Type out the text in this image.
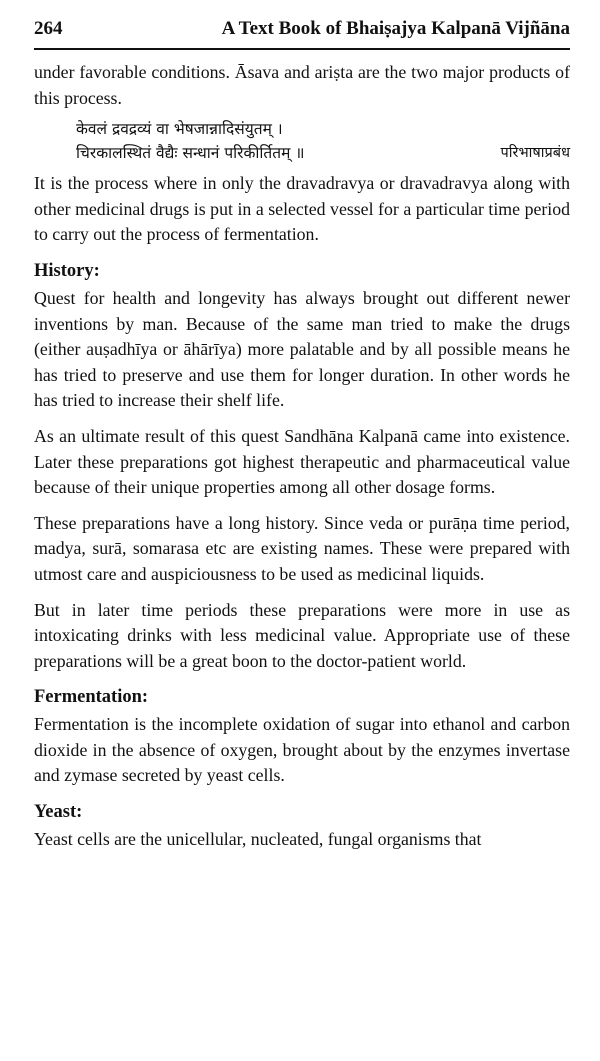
264	A Text Book of Bhaiṣajya Kalpanā Vijñāna

under favorable conditions. Āsava and ariṣta are the two major products of this process.

केवलं द्रवद्रव्यं वा भेषजान्नादिसंयुतम् ।
चिरकालस्थितं वैद्यैः सन्धानं परिकीर्तितम् ॥	परिभाषाप्रबंध

It is the process where in only the dravadravya or dravadravya along with other medicinal drugs is put in a selected vessel for a particular time period to carry out the process of fermentation.

History:

Quest for health and longevity has always brought out different newer inventions by man. Because of the same man tried to make the drugs (either auṣadhīya or āhārīya) more palatable and by all possible means he has tried to preserve and use them for longer duration. In other words he has tried to increase their shelf life.

As an ultimate result of this quest Sandhāna Kalpanā came into existence. Later these preparations got highest therapeutic and pharmaceutical value because of their unique properties among all other dosage forms.

These preparations have a long history. Since veda or purāṇa time period, madya, surā, somarasa etc are existing names. These were prepared with utmost care and auspiciousness to be used as medicinal liquids.

But in later time periods these preparations were more in use as intoxicating drinks with less medicinal value. Appropriate use of these preparations will be a great boon to the doctor-patient world.

Fermentation:

Fermentation is the incomplete oxidation of sugar into ethanol and carbon dioxide in the absence of oxygen, brought about by the enzymes invertase and zymase secreted by yeast cells.

Yeast:

Yeast cells are the unicellular, nucleated, fungal organisms that
